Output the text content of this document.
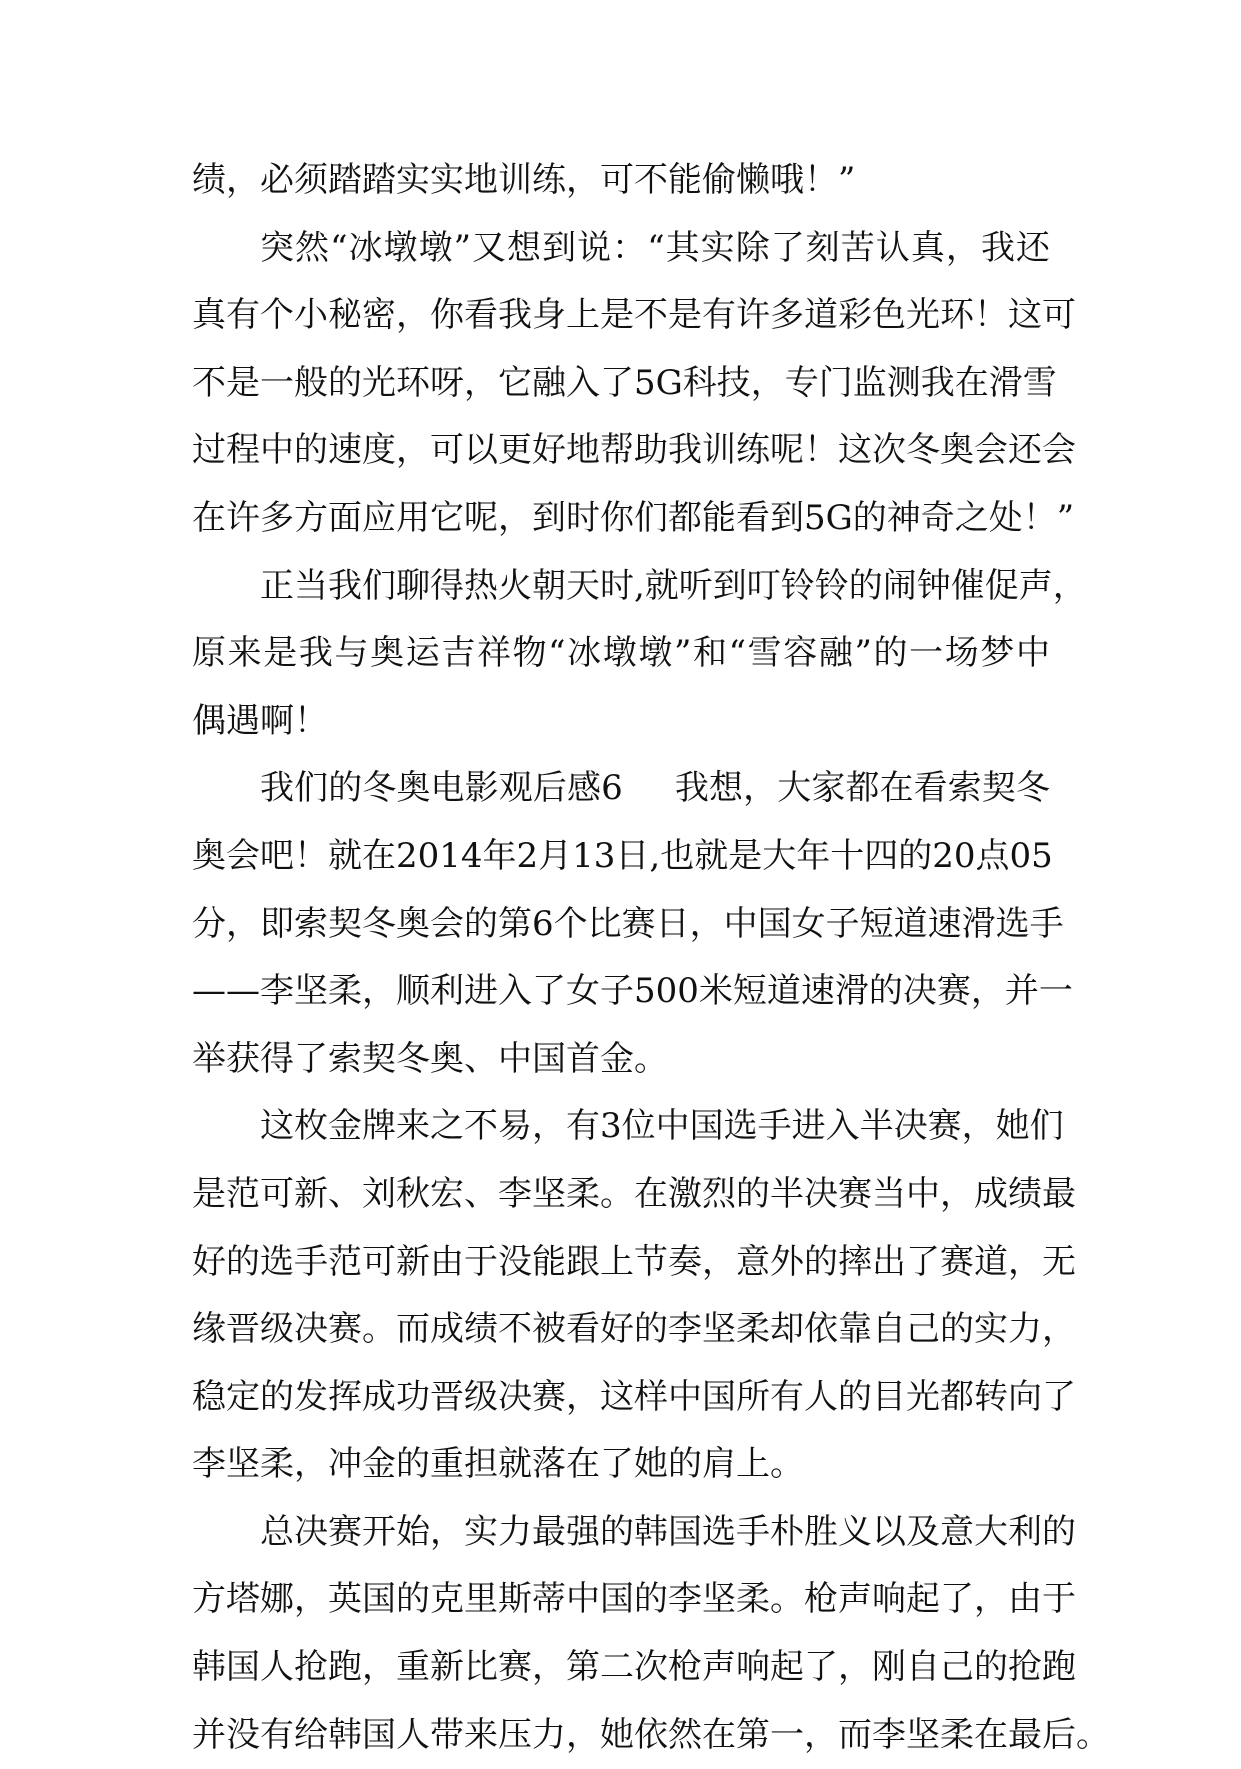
绩，必须踏踏实实地训练，可不能偷懒哦！”
突然“冰墩墩”又想到说：“其实除了刻苦认真，我还
真有个小秘密，你看我身上是不是有许多道彩色光环！这可
不是一般的光环呀，它融入了5G科技，专门监测我在滑雪
过程中的速度，可以更好地帮助我训练呢！这次冬奥会还会
在许多方面应用它呢，到时你们都能看到5G的神奇之处！”
正当我们聊得热火朝天时,就听到叮铃铃的闹钟催促声，
原来是我与奥运吉祥物“冰墩墩”和“雪容融”的一场梦中
偶遇啊！
我们的冬奥电影观后感6 我想，大家都在看索契冬
奥会吧！就在2014年2月13日,也就是大年十四的20点05
分，即索契冬奥会的第6个比赛日，中国女子短道速滑选手
——李坚柔，顺利进入了女子500米短道速滑的决赛，并一
举获得了索契冬奥、中国首金。
这枚金牌来之不易，有3位中国选手进入半决赛，她们
是范可新、刘秋宏、李坚柔。在激烈的半决赛当中，成绩最
好的选手范可新由于没能跟上节奏，意外的摔出了赛道，无
缘晋级决赛。而成绩不被看好的李坚柔却依靠自己的实力，
稳定的发挥成功晋级决赛，这样中国所有人的目光都转向了
李坚柔，冲金的重担就落在了她的肩上。
总决赛开始，实力最强的韩国选手朴胜义以及意大利的
方塔娜，英国的克里斯蒂中国的李坚柔。枪声响起了，由于
韩国人抢跑，重新比赛，第二次枪声响起了，刚自己的抢跑
并没有给韩国人带来压力，她依然在第一，而李坚柔在最后。
